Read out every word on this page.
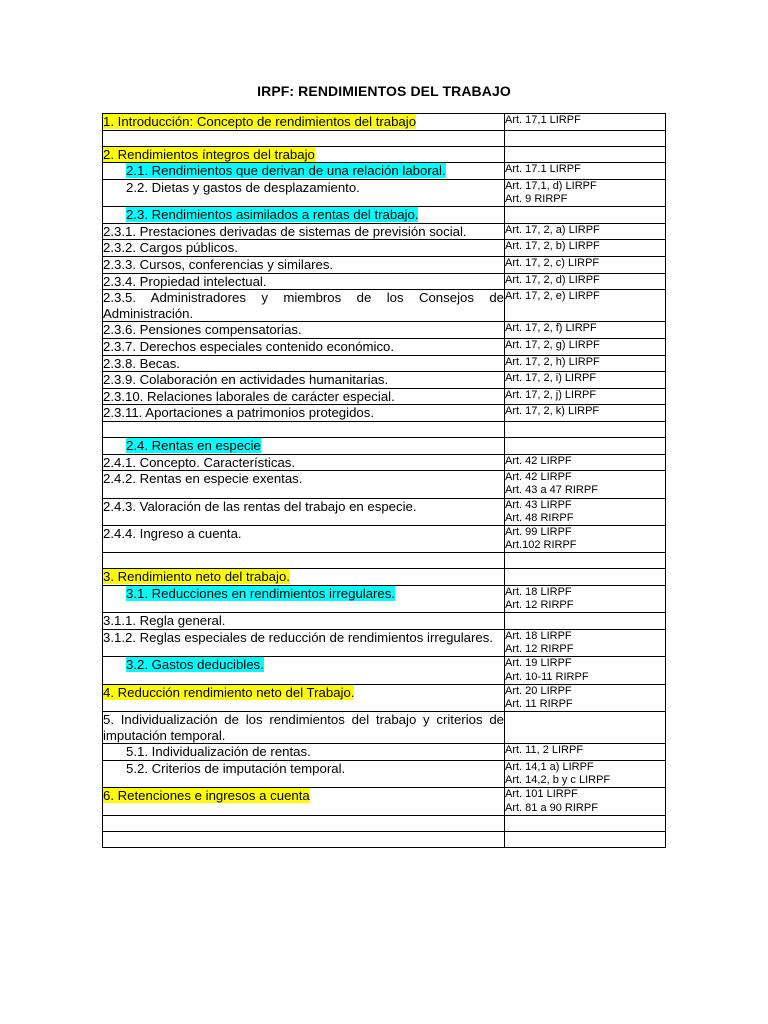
IRPF: RENDIMIENTOS DEL TRABAJO
1. Introducción: Concepto de rendimientos del trabajo	Art. 17,1 LIRPF

2. Rendimientos íntegros del trabajo	
2.1. Rendimientos que derivan de una relación laboral.	Art. 17.1 LIRPF

2.2. Dietas y gastos de desplazamiento.	Art. 17,1, d) LIRPF
Art. 9 RIRPF

2.3. Rendimientos asimilados a rentas del trabajo.	
2.3.1. Prestaciones derivadas de sistemas de previsión social.	Art. 17, 2, a) LIRPF

2.3.2. Cargos públicos.	Art. 17, 2, b) LIRPF

2.3.3. Cursos, conferencias y similares.	Art. 17, 2, c) LIRPF

2.3.4. Propiedad intelectual.	Art. 17, 2, d) LIRPF

2.3.5. Administradores y miembros de los Consejos de Administración.	Art. 17, 2, e) LIRPF

2.3.6. Pensiones compensatorias.	Art. 17, 2, f) LIRPF

2.3.7. Derechos especiales contenido económico.	Art. 17, 2, g) LIRPF

2.3.8. Becas.	Art. 17, 2, h) LIRPF

2.3.9. Colaboración en actividades humanitarias.	Art. 17, 2, i) LIRPF

2.3.10. Relaciones laborales de carácter especial.	Art. 17, 2, j) LIRPF

2.3.11. Aportaciones a patrimonios protegidos.	Art. 17, 2, k) LIRPF

2.4. Rentas en especie	
2.4.1. Concepto. Características.	Art. 42 LIRPF

2.4.2. Rentas en especie exentas.	Art. 42 LIRPF
Art. 43 a 47 RIRPF

2.4.3. Valoración de las rentas del trabajo en especie.	Art. 43 LIRPF
Art. 48 RIRPF

2.4.4. Ingreso a cuenta.	Art. 99 LIRPF
Art.102 RIRPF

3. Rendimiento neto del trabajo.	
3.1. Reducciones en rendimientos irregulares.	Art. 18 LIRPF
Art. 12 RIRPF

3.1.1. Regla general.	
3.1.2. Reglas especiales de reducción de rendimientos irregulares.	Art. 18 LIRPF
Art. 12 RIRPF

3.2. Gastos deducibles.	Art. 19 LIRPF
Art. 10-11 RIRPF

4. Reducción rendimiento neto del Trabajo.	Art. 20 LIRPF
Art. 11 RIRPF

5. Individualización de los rendimientos del trabajo y criterios de imputación temporal.	
5.1. Individualización de rentas.	Art. 11, 2 LIRPF

5.2. Criterios de imputación temporal.	Art. 14,1 a) LIRPF
Art. 14,2, b y c LIRPF

6. Retenciones e ingresos a cuenta	Art. 101 LIRPF
Art. 81 a 90 RIRPF
